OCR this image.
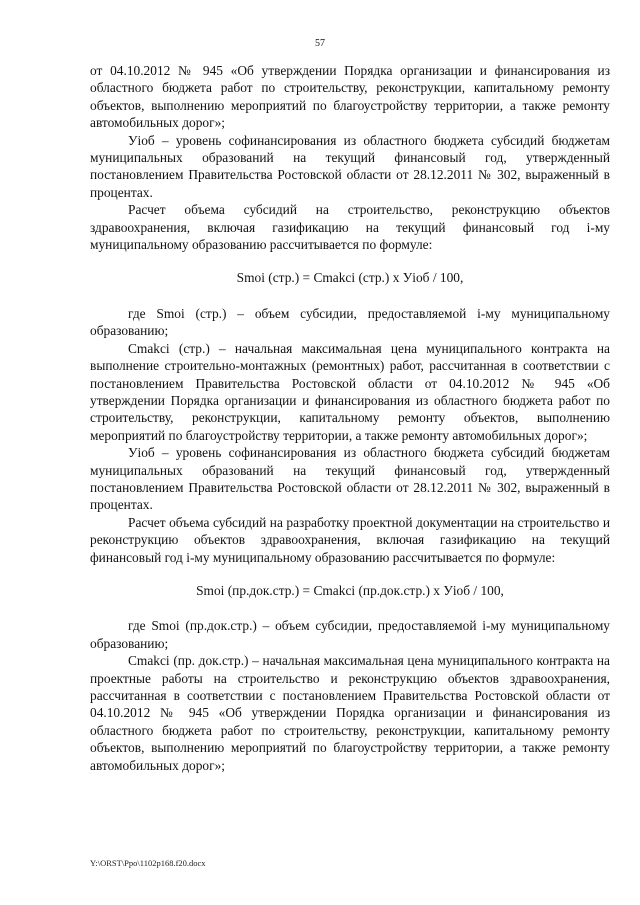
57

от 04.10.2012 № 945 «Об утверждении Порядка организации и финансирования из областного бюджета работ по строительству, реконструкции, капитальному ремонту объектов, выполнению мероприятий по благоустройству территории, а также ремонту автомобильных дорог»;

Уioб – уровень софинансирования из областного бюджета субсидий бюджетам муниципальных образований на текущий финансовый год, утвержденный постановлением Правительства Ростовской области от 28.12.2011 № 302, выраженный в процентах.

Расчет объема субсидий на строительство, реконструкцию объектов здравоохранения, включая газификацию на текущий финансовый год i-му муниципальному образованию рассчитывается по формуле:

Smoi (стр.) = Cmakci (стр.) х Уioб / 100,

где Smoi (стр.) – объем субсидии, предоставляемой i-му муниципальному образованию;

Cmakci (стр.) – начальная максимальная цена муниципального контракта на выполнение строительно-монтажных (ремонтных) работ, рассчитанная в соответствии с постановлением Правительства Ростовской области от 04.10.2012 № 945 «Об утверждении Порядка организации и финансирования из областного бюджета работ по строительству, реконструкции, капитальному ремонту объектов, выполнению мероприятий по благоустройству территории, а также ремонту автомобильных дорог»;

Уioб – уровень софинансирования из областного бюджета субсидий бюджетам муниципальных образований на текущий финансовый год, утвержденный постановлением Правительства Ростовской области от 28.12.2011 № 302, выраженный в процентах.

Расчет объема субсидий на разработку проектной документации на строительство и реконструкцию объектов здравоохранения, включая газификацию на текущий финансовый год i-му муниципальному образованию рассчитывается по формуле:

Smoi (пр.док.стр.) = Cmakci (пр.док.стр.) х Уioб / 100,

где Smoi (пр.док.стр.) – объем субсидии, предоставляемой i-му муниципальному образованию;

Cmakci (пр. док.стр.) – начальная максимальная цена муниципального контракта на проектные работы на строительство и реконструкцию объектов здравоохранения, рассчитанная в соответствии с постановлением Правительства Ростовской области от 04.10.2012 № 945 «Об утверждении Порядка организации и финансирования из областного бюджета работ по строительству, реконструкции, капитальному ремонту объектов, выполнению мероприятий по благоустройству территории, а также ремонту автомобильных дорог»;

Y:\ORST\Ppo\1102p168.f20.docx
